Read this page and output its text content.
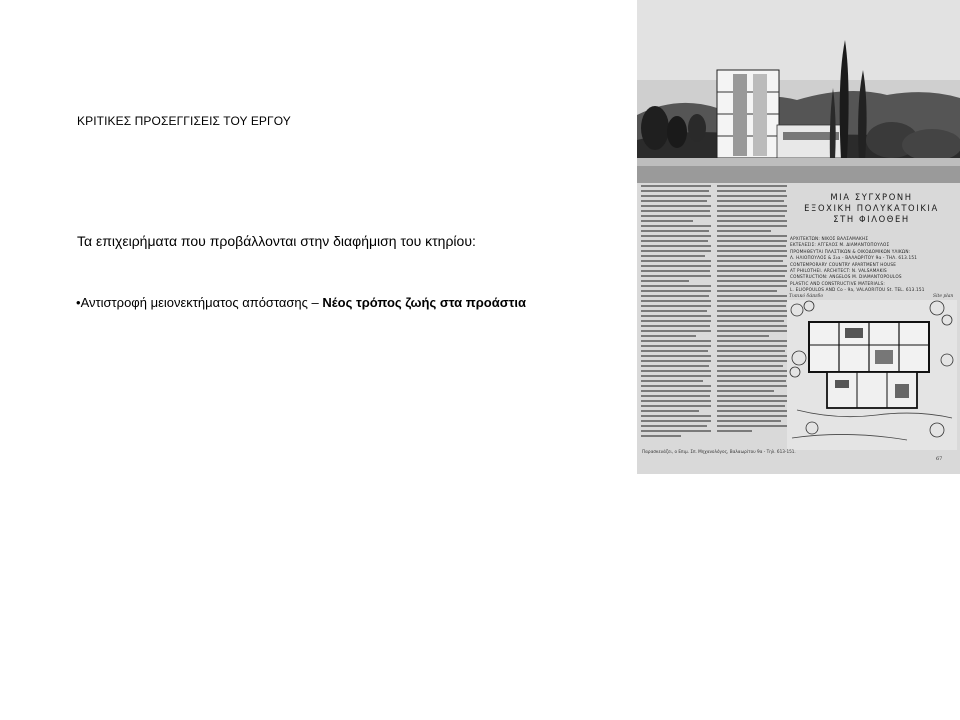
ΚΡΙΤΙΚΕΣ ΠΡΟΣΕΓΓΙΣΕΙΣ ΤΟΥ ΕΡΓΟΥ
Τα επιχειρήματα που προβάλλονται στην διαφήμιση του κτηρίου:
•Αντιστροφή μειονεκτήματος απόστασης – Νέος τρόπος ζωής στα προάστια
ΜΙΑ ΣΥΓΧΡΟΝΗ
ΕΞΟΧΙΚΗ ΠΟΛΥΚΑΤΟΙΚΙΑ
ΣΤΗ ΦΙΛΟΘΕΗ
ΑΡΧΙΤΕΚΤΩΝ: ΝΙΚΟΣ ΒΑΛΣΑΜΑΚΗΣ
ΕΚΤΕΛΕΣΙΣ: ΑΓΓΕΛΟΣ Μ. ΔΙΑΜΑΝΤΟΠΟΥΛΟΣ
ΠΡΟΜΗΘΕΥΤΑΙ ΠΛΑΣΤΙΚΩΝ & ΟΙΚΟΔΟΜΙΚΩΝ ΥΛΙΚΩΝ:
Λ. ΗΛΙΟΠΟΥΛΟΣ & Σια - ΒΑΛΑΩΡΙΤΟΥ 9α - ΤΗΛ. 613.151
CONTEMPORARY COUNTRY APARTMENT HOUSE
AT PHILOTHEI. ARCHITECT: N. VALSAMAKIS
CONSTRUCTION: ANGELOS M. DIAMANTOPOULOS
PLASTIC AND CONSTRUCTIVE MATERIALS:
L. ELIOPOULOS AND Co - 9a, VALAORITOU St. TEL. 613.151
Τυπικό δάπεδο	Site plan
Παρασκευάζει, ο Επιμ. Σπ. Μηχανολόγος, Βαλαωρίτου 9α - Τηλ. 613-151.
67
